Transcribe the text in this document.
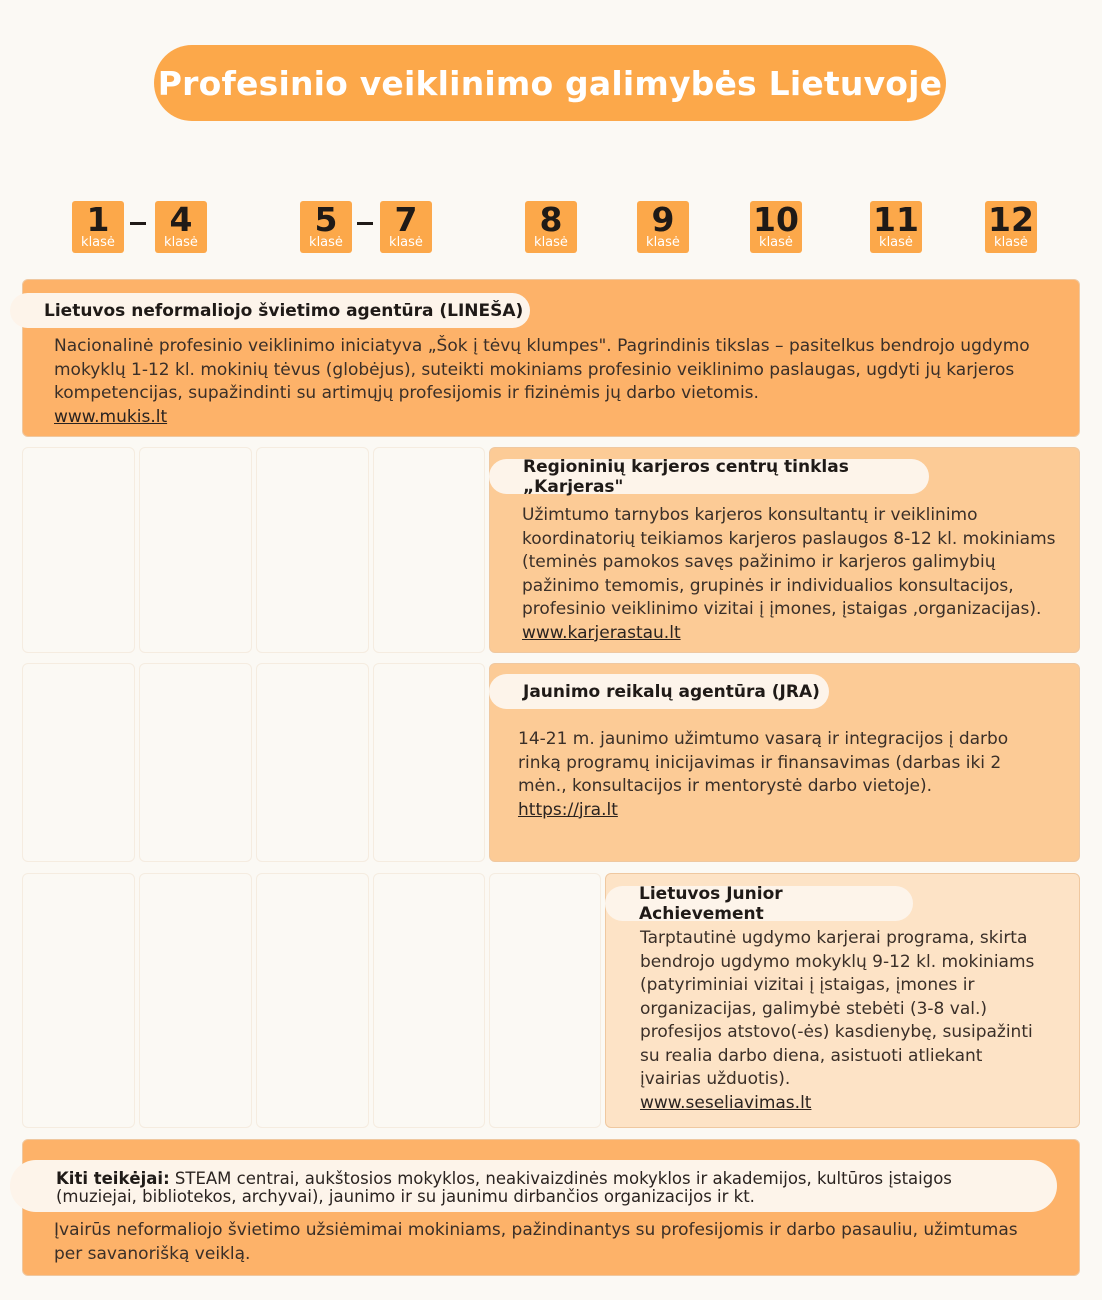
Profesinio veiklinimo galimybės Lietuvoje
1
klasė
4
klasė
5
klasė
7
klasė
8
klasė
9
klasė
10
klasė
11
klasė
12
klasė
Lietuvos neformaliojo švietimo agentūra (LINEŠA)
Nacionalinė profesinio veiklinimo iniciatyva „Šok į tėvų klumpes". Pagrindinis tikslas – pasitelkus bendrojo ugdymo
mokyklų 1-12 kl. mokinių tėvus (globėjus), suteikti mokiniams profesinio veiklinimo paslaugas, ugdyti jų karjeros
kompetencijas, supažindinti su artimųjų profesijomis ir fizinėmis jų darbo vietomis.
www.mukis.lt
Regioninių karjeros centrų tinklas „Karjeras"
Užimtumo tarnybos karjeros konsultantų ir veiklinimo
koordinatorių teikiamos karjeros paslaugos 8-12 kl. mokiniams
(teminės pamokos savęs pažinimo ir karjeros galimybių
pažinimo temomis, grupinės ir individualios konsultacijos,
profesinio veiklinimo vizitai į įmones, įstaigas ,organizacijas).
www.karjerastau.lt
Jaunimo reikalų agentūra (JRA)
14-21 m. jaunimo užimtumo vasarą ir integracijos į darbo
rinką programų inicijavimas ir finansavimas (darbas iki 2
mėn., konsultacijos ir mentorystė darbo vietoje).
https://jra.lt
Lietuvos Junior Achievement
Tarptautinė ugdymo karjerai programa, skirta
bendrojo ugdymo mokyklų 9-12 kl. mokiniams
(patyriminiai vizitai į įstaigas, įmones ir
organizacijas, galimybė stebėti (3-8 val.)
profesijos atstovo(-ės) kasdienybę, susipažinti
su realia darbo diena, asistuoti atliekant
įvairias užduotis).
www.seseliavimas.lt
Kiti teikėjai: STEAM centrai, aukštosios mokyklos, neakivaizdinės mokyklos ir akademijos, kultūros įstaigos
(muziejai, bibliotekos, archyvai), jaunimo ir su jaunimu dirbančios organizacijos ir kt.
Įvairūs neformaliojo švietimo užsiėmimai mokiniams, pažindinantys su profesijomis ir darbo pasauliu, užimtumas
per savanorišką veiklą.
